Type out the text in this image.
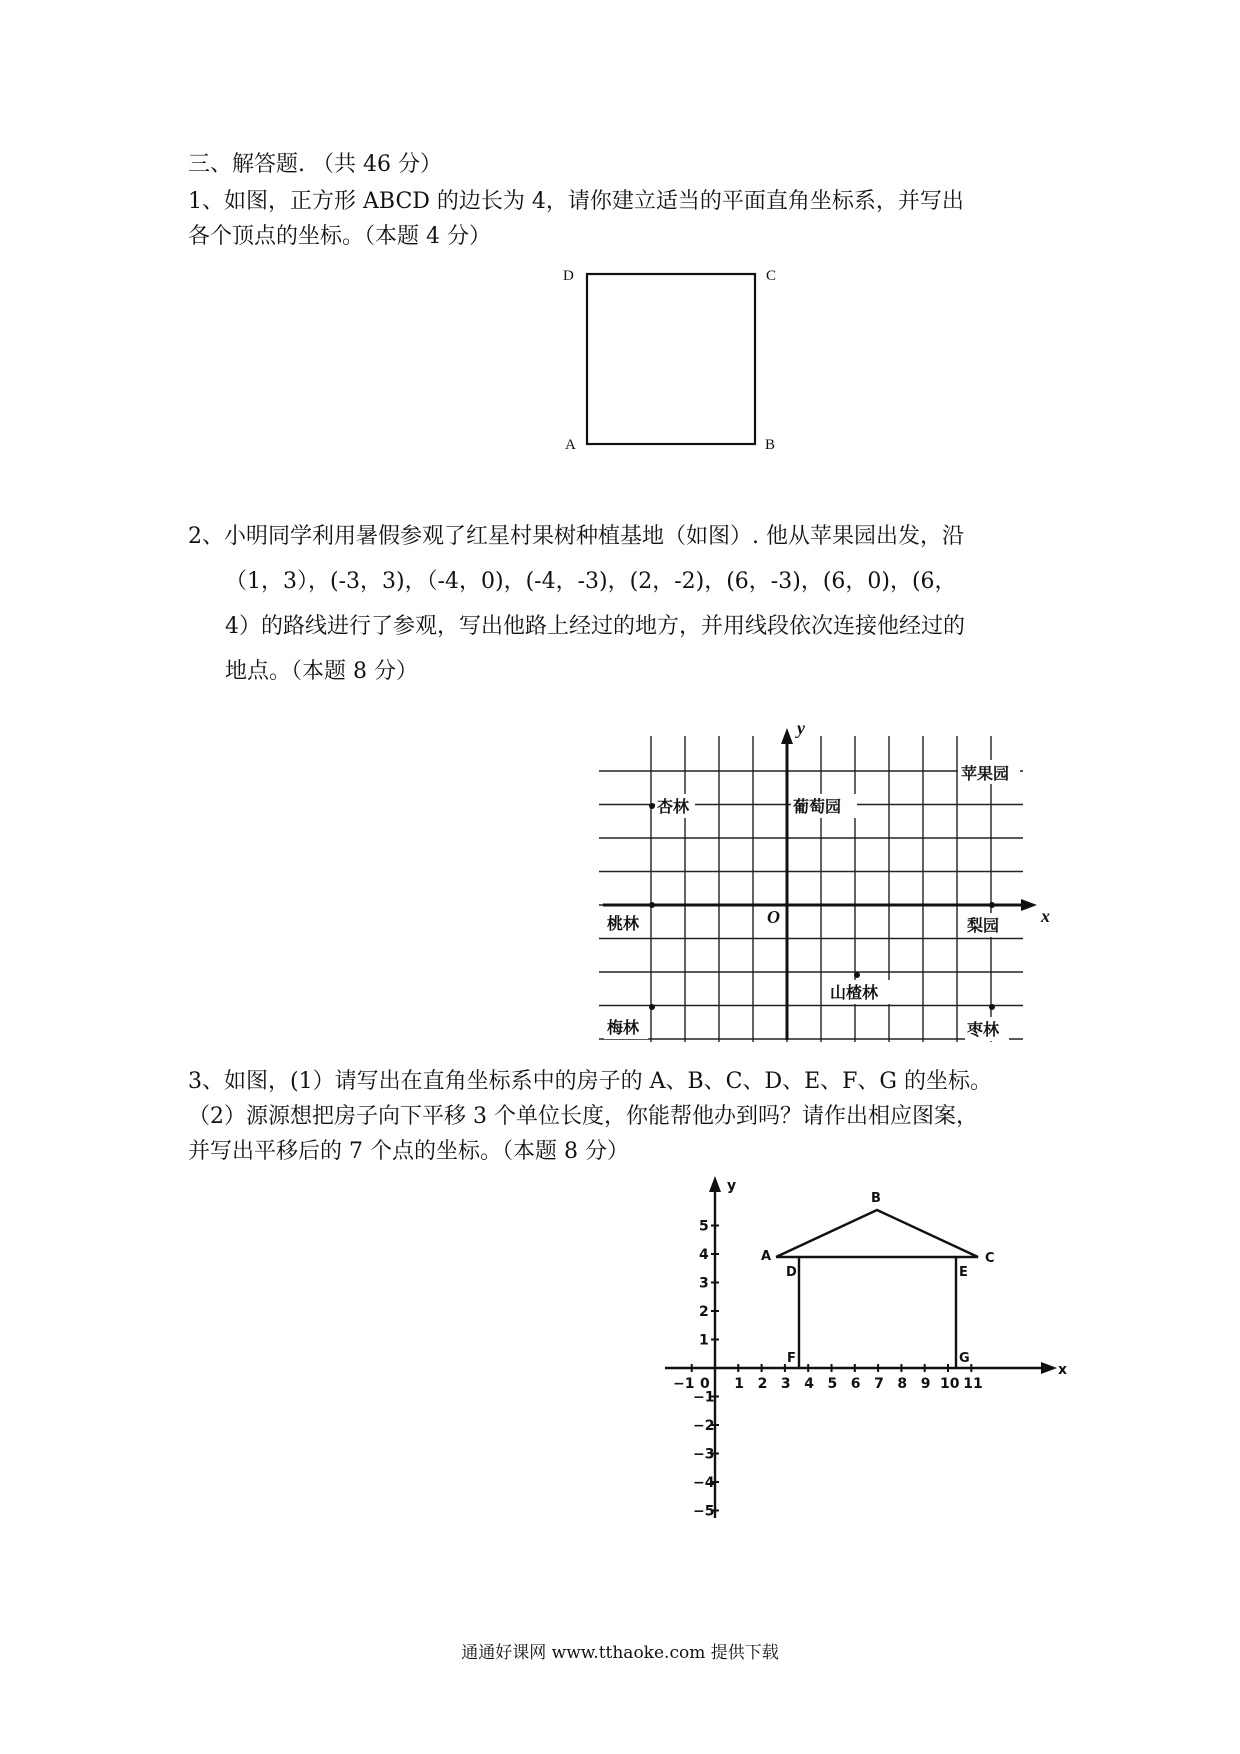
三、解答题. （共 46 分）
1、如图，正方形 ABCD 的边长为 4，请你建立适当的平面直角坐标系，并写出
各个顶点的坐标。（本题 4 分）
D	C
A	B
2、小明同学利用暑假参观了红星村果树种植基地（如图）. 他从苹果园出发，沿
（1，3），(-3，3)，（-4，0)，(-4，-3)，(2，-2)，(6，-3)，(6，0)，(6，
4）的路线进行了参观，写出他路上经过的地方，并用线段依次连接他经过的
地点。（本题 8 分）
y
x
O
苹果园
杏林	葡萄园
桃林	梨园
山楂林
梅林	枣林
3、如图，(1）请写出在直角坐标系中的房子的 A、B、C、D、E、F、G 的坐标。
（2）源源想把房子向下平移 3 个单位长度，你能帮他办到吗？请作出相应图案，
并写出平移后的 7 个点的坐标。（本题 8 分）
x
y
−1 0 1 2 3 4 5 6 7 8 9 10 11
1
2
3
4
5
−1
−2
−3
−4
−5
A
B
C
D	E
F	G
通通好课网 www.tthaoke.com 提供下载
